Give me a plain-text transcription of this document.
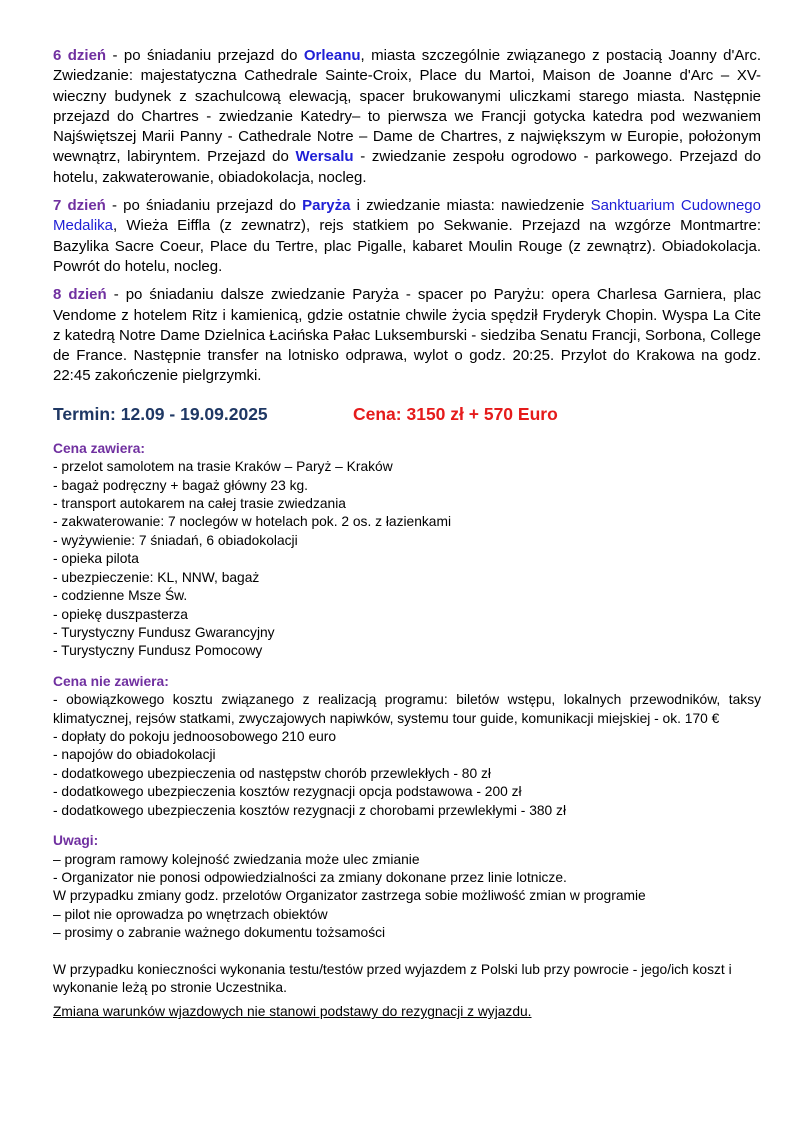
6 dzień - po śniadaniu przejazd do Orleanu, miasta szczególnie związanego z postacią Joanny d'Arc. Zwiedzanie: majestatyczna Cathedrale Sainte-Croix, Place du Martoi, Maison de Joanne d'Arc – XV-wieczny budynek z szachulcową elewacją, spacer brukowanymi uliczkami starego miasta. Następnie przejazd do Chartres - zwiedzanie Katedry– to pierwsza we Francji gotycka katedra pod wezwaniem Najświętszej Marii Panny - Cathedrale Notre – Dame de Chartres, z największym w Europie, położonym wewnątrz, labiryntem. Przejazd do Wersalu - zwiedzanie zespołu ogrodowo - parkowego. Przejazd do hotelu, zakwaterowanie, obiadokolacja, nocleg.

7 dzień - po śniadaniu przejazd do Paryża i zwiedzanie miasta: nawiedzenie Sanktuarium Cudownego Medalika, Wieża Eiffla (z zewnatrz), rejs statkiem po Sekwanie. Przejazd na wzgórze Montmartre: Bazylika Sacre Coeur, Place du Tertre, plac Pigalle, kabaret Moulin Rouge (z zewnątrz). Obiadokolacja. Powrót do hotelu, nocleg.

8 dzień - po śniadaniu dalsze zwiedzanie Paryża - spacer po Paryżu: opera Charlesa Garniera, plac Vendome z hotelem Ritz i kamienicą, gdzie ostatnie chwile życia spędził Fryderyk Chopin. Wyspa La Cite z katedrą Notre Dame Dzielnica Łacińska Pałac Luksemburski - siedziba Senatu Francji, Sorbona, College de France. Następnie transfer na lotnisko odprawa, wylot o godz. 20:25. Przylot do Krakowa na godz. 22:45 zakończenie pielgrzymki.

Termin: 12.09 - 19.09.2025	Cena: 3150 zł + 570 Euro

Cena zawiera:

- przelot samolotem na trasie Kraków – Paryż – Kraków
- bagaż podręczny + bagaż główny 23 kg.
- transport autokarem na całej trasie zwiedzania
- zakwaterowanie: 7 noclegów w hotelach pok. 2 os. z łazienkami
- wyżywienie: 7 śniadań, 6 obiadokolacji
- opieka pilota
- ubezpieczenie: KL, NNW, bagaż
- codzienne Msze Św.
- opiekę duszpasterza
- Turystyczny Fundusz Gwarancyjny
- Turystyczny Fundusz Pomocowy

Cena nie zawiera:

- obowiązkowego kosztu związanego z realizacją programu: biletów wstępu, lokalnych przewodników, taksy klimatycznej, rejsów statkami, zwyczajowych napiwków, systemu tour guide, komunikacji miejskiej - ok. 170 €
- dopłaty do pokoju jednoosobowego 210 euro
- napojów do obiadokolacji
- dodatkowego ubezpieczenia od następstw chorób przewlekłych - 80 zł
- dodatkowego ubezpieczenia kosztów rezygnacji opcja podstawowa - 200 zł
- dodatkowego ubezpieczenia kosztów rezygnacji z chorobami przewlekłymi - 380 zł

Uwagi:

– program ramowy kolejność zwiedzania może ulec zmianie
- Organizator nie ponosi odpowiedzialności za zmiany dokonane przez linie lotnicze.
W przypadku zmiany godz. przelotów Organizator zastrzega sobie możliwość zmian w programie
– pilot nie oprowadza po wnętrzach obiektów
– prosimy o zabranie ważnego dokumentu tożsamości

W przypadku konieczności wykonania testu/testów przed wyjazdem z Polski lub przy powrocie - jego/ich koszt i wykonanie leżą po stronie Uczestnika.

Zmiana warunków wjazdowych nie stanowi podstawy do rezygnacji z wyjazdu.
